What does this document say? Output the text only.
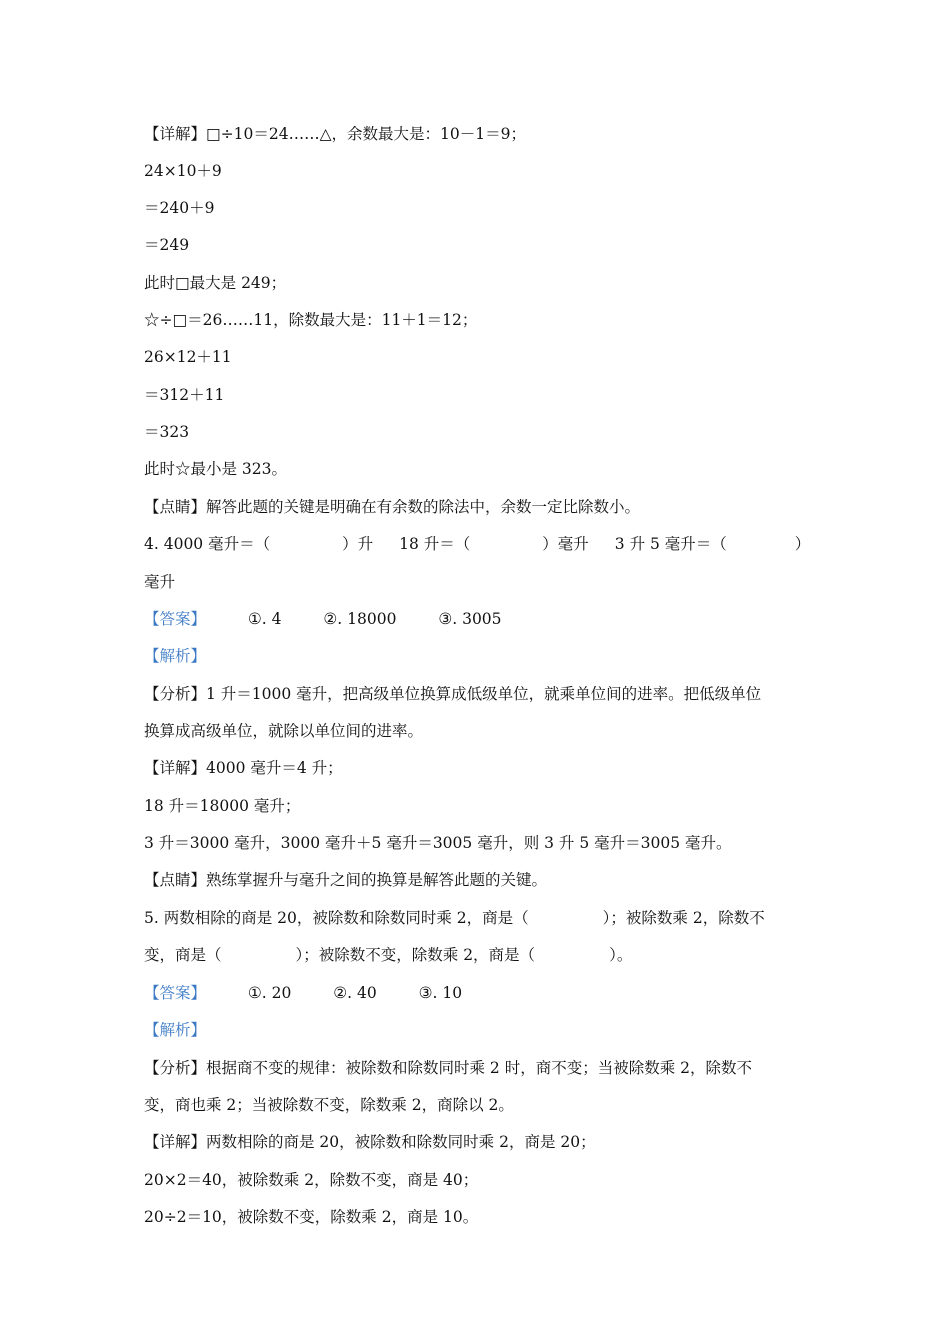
【详解】□÷10＝24……△，余数最大是：10－1＝9；
24×10＋9
＝240＋9
＝249
此时□最大是 249；
☆÷□＝26……11，除数最大是：11＋1＝12；
26×12＋11
＝312＋11
＝323
此时☆最小是 323。
【点睛】解答此题的关键是明确在有余数的除法中，余数一定比除数小。
4. 4000 毫升＝（	）升 18 升＝（	）毫升 3 升 5 毫升＝（	）
毫升
【答案】	①. 4	②. 18000	③. 3005
【解析】
【分析】1 升＝1000 毫升，把高级单位换算成低级单位，就乘单位间的进率。把低级单位
换算成高级单位，就除以单位间的进率。
【详解】4000 毫升＝4 升；
18 升＝18000 毫升；
3 升＝3000 毫升，3000 毫升＋5 毫升＝3005 毫升，则 3 升 5 毫升＝3005 毫升。
【点睛】熟练掌握升与毫升之间的换算是解答此题的关键。
5. 两数相除的商是 20，被除数和除数同时乘 2，商是（	）；被除数乘 2，除数不
变，商是（	）；被除数不变，除数乘 2，商是（	）。
【答案】	①. 20	②. 40	③. 10
【解析】
【分析】根据商不变的规律：被除数和除数同时乘 2 时，商不变；当被除数乘 2，除数不
变，商也乘 2；当被除数不变，除数乘 2，商除以 2。
【详解】两数相除的商是 20，被除数和除数同时乘 2，商是 20；
20×2＝40，被除数乘 2，除数不变，商是 40；
20÷2＝10，被除数不变，除数乘 2，商是 10。
